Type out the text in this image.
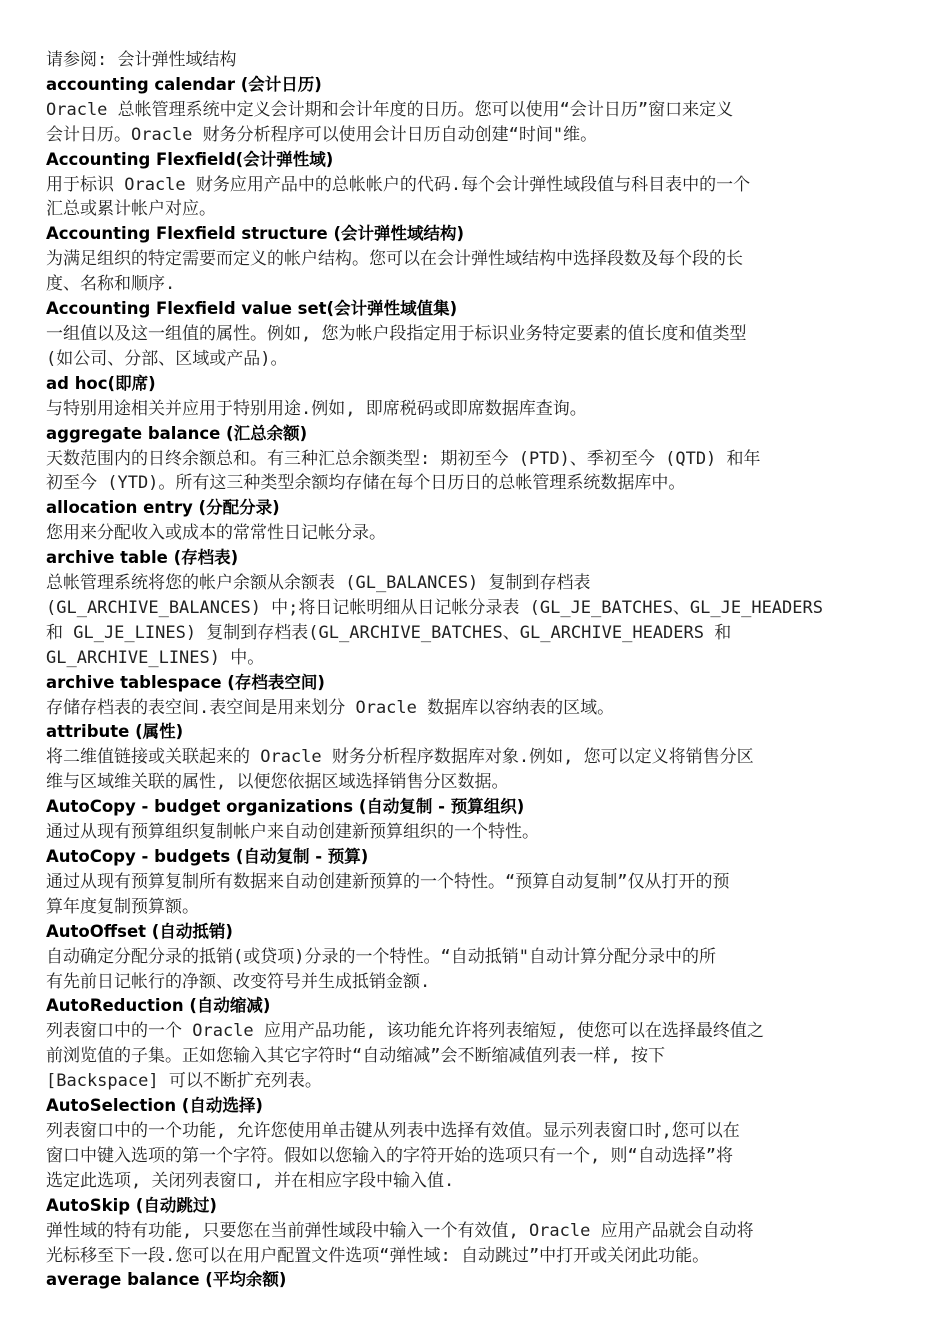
请参阅: 会计弹性域结构

accounting calendar (会计日历)

Oracle 总帐管理系统中定义会计期和会计年度的日历。您可以使用“会计日历”窗口来定义

会计日历。Oracle 财务分析程序可以使用会计日历自动创建“时间"维。

Accounting Flexfield(会计弹性域)

用于标识 Oracle 财务应用产品中的总帐帐户的代码.每个会计弹性域段值与科目表中的一个

汇总或累计帐户对应。

Accounting Flexfield structure (会计弹性域结构)

为满足组织的特定需要而定义的帐户结构。您可以在会计弹性域结构中选择段数及每个段的长

度、名称和顺序.

Accounting Flexfield value set(会计弹性域值集)

一组值以及这一组值的属性。例如, 您为帐户段指定用于标识业务特定要素的值长度和值类型

(如公司、分部、区域或产品)。

ad hoc(即席)

与特别用途相关并应用于特别用途.例如, 即席税码或即席数据库查询。

aggregate balance (汇总余额)

天数范围内的日终余额总和。有三种汇总余额类型: 期初至今 (PTD)、季初至今 (QTD) 和年

初至今 (YTD)。所有这三种类型余额均存储在每个日历日的总帐管理系统数据库中。

allocation entry (分配分录)

您用来分配收入或成本的常常性日记帐分录。

archive table (存档表)

总帐管理系统将您的帐户余额从余额表 (GL_BALANCES) 复制到存档表

(GL_ARCHIVE_BALANCES) 中;将日记帐明细从日记帐分录表 (GL_JE_BATCHES、GL_JE_HEADERS

和 GL_JE_LINES) 复制到存档表(GL_ARCHIVE_BATCHES、GL_ARCHIVE_HEADERS 和

GL_ARCHIVE_LINES) 中。

archive tablespace (存档表空间)

存储存档表的表空间.表空间是用来划分 Oracle 数据库以容纳表的区域。

attribute (属性)

将二维值链接或关联起来的 Oracle 财务分析程序数据库对象.例如, 您可以定义将销售分区

维与区域维关联的属性, 以便您依据区域选择销售分区数据。

AutoCopy - budget organizations (自动复制 - 预算组织)

通过从现有预算组织复制帐户来自动创建新预算组织的一个特性。

AutoCopy - budgets (自动复制 - 预算)

通过从现有预算复制所有数据来自动创建新预算的一个特性。“预算自动复制”仅从打开的预

算年度复制预算额。

AutoOffset (自动抵销)

自动确定分配分录的抵销(或贷项)分录的一个特性。“自动抵销"自动计算分配分录中的所

有先前日记帐行的净额、改变符号并生成抵销金额.

AutoReduction (自动缩减)

列表窗口中的一个 Oracle 应用产品功能, 该功能允许将列表缩短, 使您可以在选择最终值之

前浏览值的子集。正如您输入其它字符时“自动缩减”会不断缩减值列表一样, 按下

[Backspace] 可以不断扩充列表。

AutoSelection (自动选择)

列表窗口中的一个功能, 允许您使用单击键从列表中选择有效值。显示列表窗口时,您可以在

窗口中键入选项的第一个字符。假如以您输入的字符开始的选项只有一个, 则“自动选择”将

选定此选项, 关闭列表窗口, 并在相应字段中输入值.

AutoSkip (自动跳过)

弹性域的特有功能, 只要您在当前弹性域段中输入一个有效值, Oracle 应用产品就会自动将

光标移至下一段.您可以在用户配置文件选项“弹性域: 自动跳过”中打开或关闭此功能。

average balance (平均余额)
